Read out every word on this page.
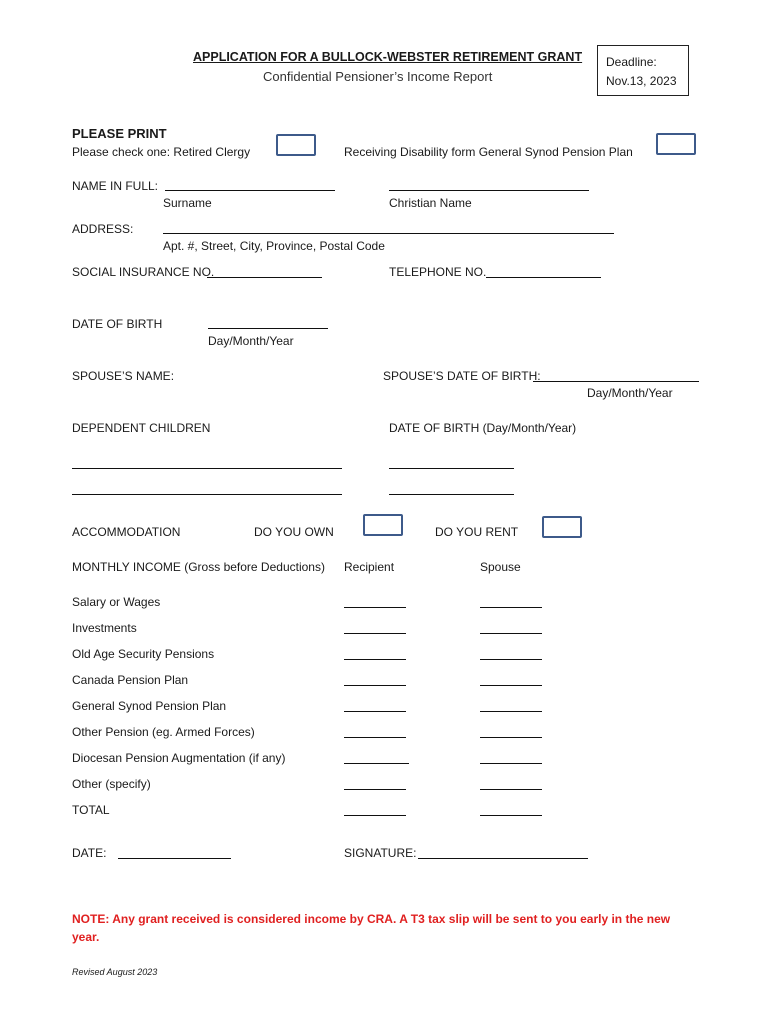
APPLICATION FOR A BULLOCK-WEBSTER RETIREMENT GRANT
Confidential Pensioner’s Income Report
Deadline:
Nov.13, 2023
PLEASE PRINT
Please check one: Retired Clergy	Receiving Disability form General Synod Pension Plan
NAME IN FULL:
Surname	Christian Name
ADDRESS:
Apt. #, Street, City, Province, Postal Code
SOCIAL INSURANCE NO.	TELEPHONE NO.
DATE OF BIRTH
Day/Month/Year
SPOUSE’S NAME:	SPOUSE’S DATE OF BIRTH:
Day/Month/Year
DEPENDENT CHILDREN	DATE OF BIRTH (Day/Month/Year)
ACCOMMODATION	DO YOU OWN	DO YOU RENT
MONTHLY INCOME (Gross before Deductions) Recipient	Spouse
Salary or Wages
Investments
Old Age Security Pensions
Canada Pension Plan
General Synod Pension Plan
Other Pension (eg. Armed Forces)
Diocesan Pension Augmentation (if any)
Other (specify)
TOTAL
DATE:	SIGNATURE:
NOTE: Any grant received is considered income by CRA. A T3 tax slip will be sent to you early in the new year.
Revised August 2023
